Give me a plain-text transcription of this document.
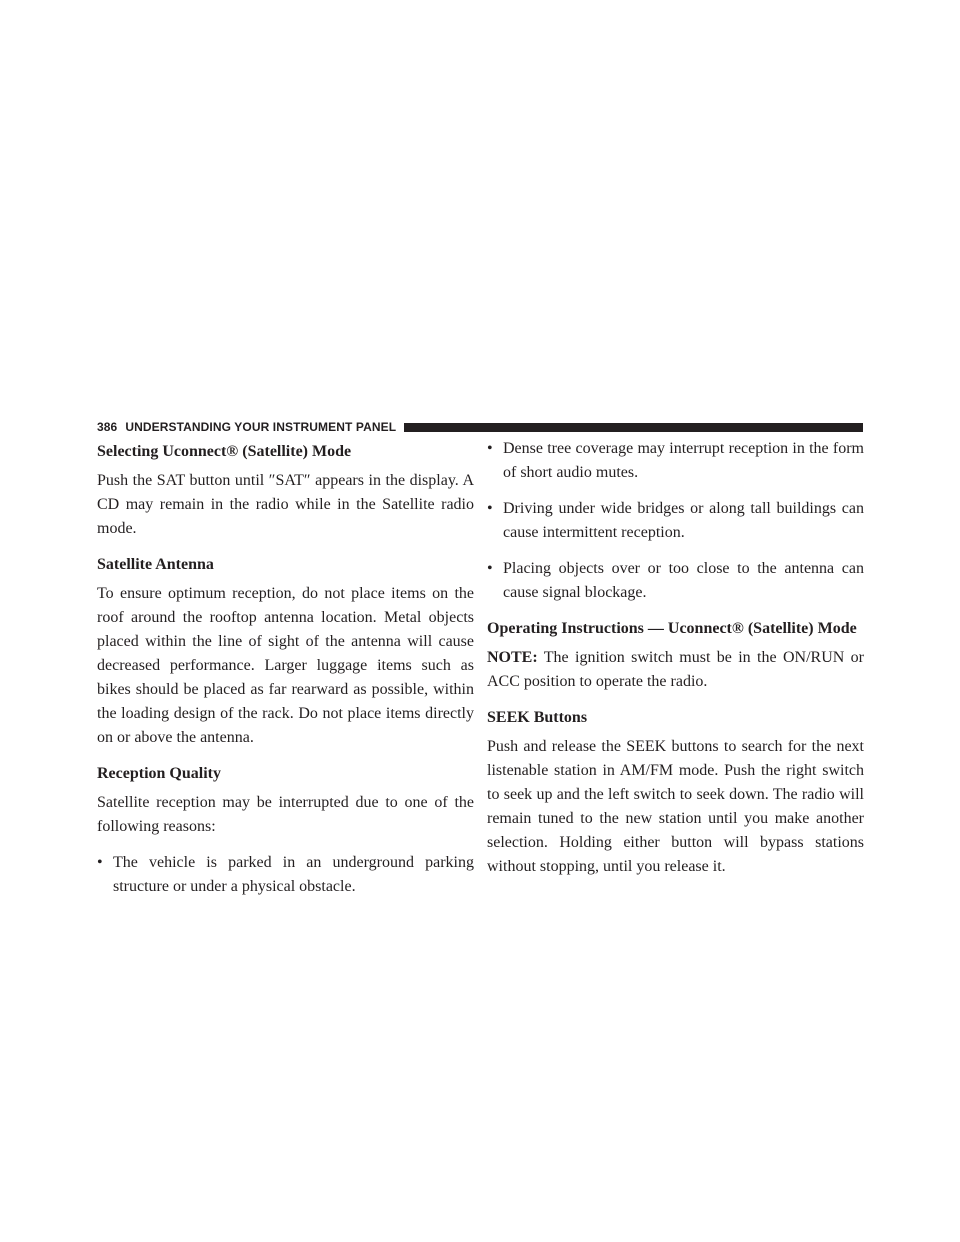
386 UNDERSTANDING YOUR INSTRUMENT PANEL
Selecting Uconnect® (Satellite) Mode

Push the SAT button until ″SAT″ appears in the display. A CD may remain in the radio while in the Satellite radio mode.

Satellite Antenna

To ensure optimum reception, do not place items on the roof around the rooftop antenna location. Metal objects placed within the line of sight of the antenna will cause decreased performance. Larger luggage items such as bikes should be placed as far rearward as possible, within the loading design of the rack. Do not place items directly on or above the antenna.

Reception Quality

Satellite reception may be interrupted due to one of the following reasons:

• The vehicle is parked in an underground parking structure or under a physical obstacle.
• Dense tree coverage may interrupt reception in the form of short audio mutes.
• Driving under wide bridges or along tall buildings can cause intermittent reception.
• Placing objects over or too close to the antenna can cause signal blockage.
Operating Instructions — Uconnect® (Satellite) Mode

NOTE: The ignition switch must be in the ON/RUN or ACC position to operate the radio.

SEEK Buttons

Push and release the SEEK buttons to search for the next listenable station in AM/FM mode. Push the right switch to seek up and the left switch to seek down. The radio will remain tuned to the new station until you make another selection. Holding either button will bypass stations without stopping, until you release it.
